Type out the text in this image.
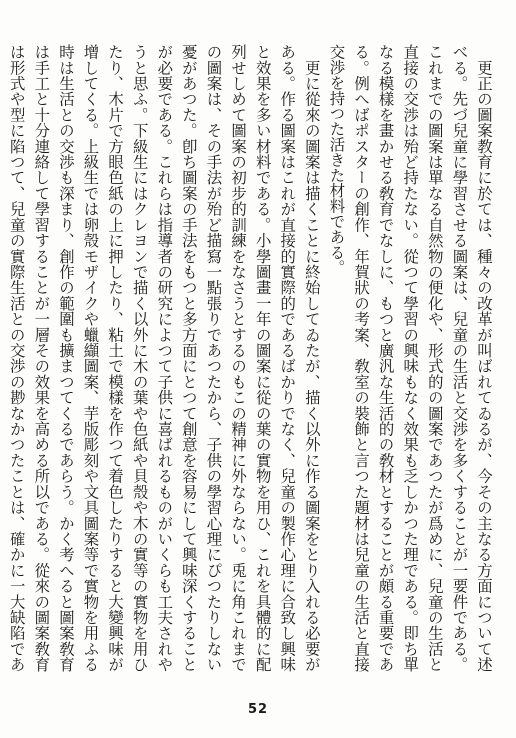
　更正の圖案教育に於ては、種々の改革が叫ばれてゐるが、今その主なる方面について述べる。先づ兒童に學習させる圖案は、兒童の生活と交渉を多くすることが一要件である。これまでの圖案は單なる自然物の便化や、形式的の圖案であつたが爲めに、兒童の生活と直接の交渉は殆ど持たない。從つて學習の興味もなく效果も乏しかつた理である。即ち單なる模樣を畫かせる敎育でなしに、もつと廣汎な生活的の敎材とすることが頗る重要である。例へばポスターの創作、年賀狀の考案、敎室の裝飾と言つた題材は兒童の生活と直接交渉を持つた活きた材料である。

　更に從來の圖案は描くことに終始してゐたが、描く以外に作る圖案をとり入れる必要がある。作る圖案はこれが直接的實際的であるばかりでなく、兒童の製作心理に合致し興味と效果を多い材料である。小學圖畫一年の圖案に從の葉の實物を用ひ、これを具體的に配列せしめて圖案の初步的訓練をなさうとするのもこの精神に外ならない。兎に角これまでの圖案は、その手法が殆ど描寫一點張りであつたから、子供の學習心理にぴつたりしない憂があつた。卽ち圖案の手法をもつと多方面にとつて創意を容易にして興味深くすることが必要である。これらは指導者の研究によつて子供に喜ばれるものがいくらも工夫されやうと思ふ。下級生にはクレヨンで描く以外に木の葉や色紙や貝殼や木の實等の實物を用ひたり、木片で方眼色紙の上に押したり、粘土で模樣を作つて着色したりすると大變興味が增してくる。上級生では卵殼モザイクや蠟纈圖案、芋版彫刻や文具圖案等で實物を用ふる時は生活との交渉も深まり、創作の範圍も擴まつてくるであらう。かく考へると圖案敎育は手工と十分連絡して學習することが一層その效果を高める所以である。從來の圖案敎育は形式や型に陷つて、兒童の實際生活との交渉の尠なかつたことは、確かに一大缺陷であ

52
